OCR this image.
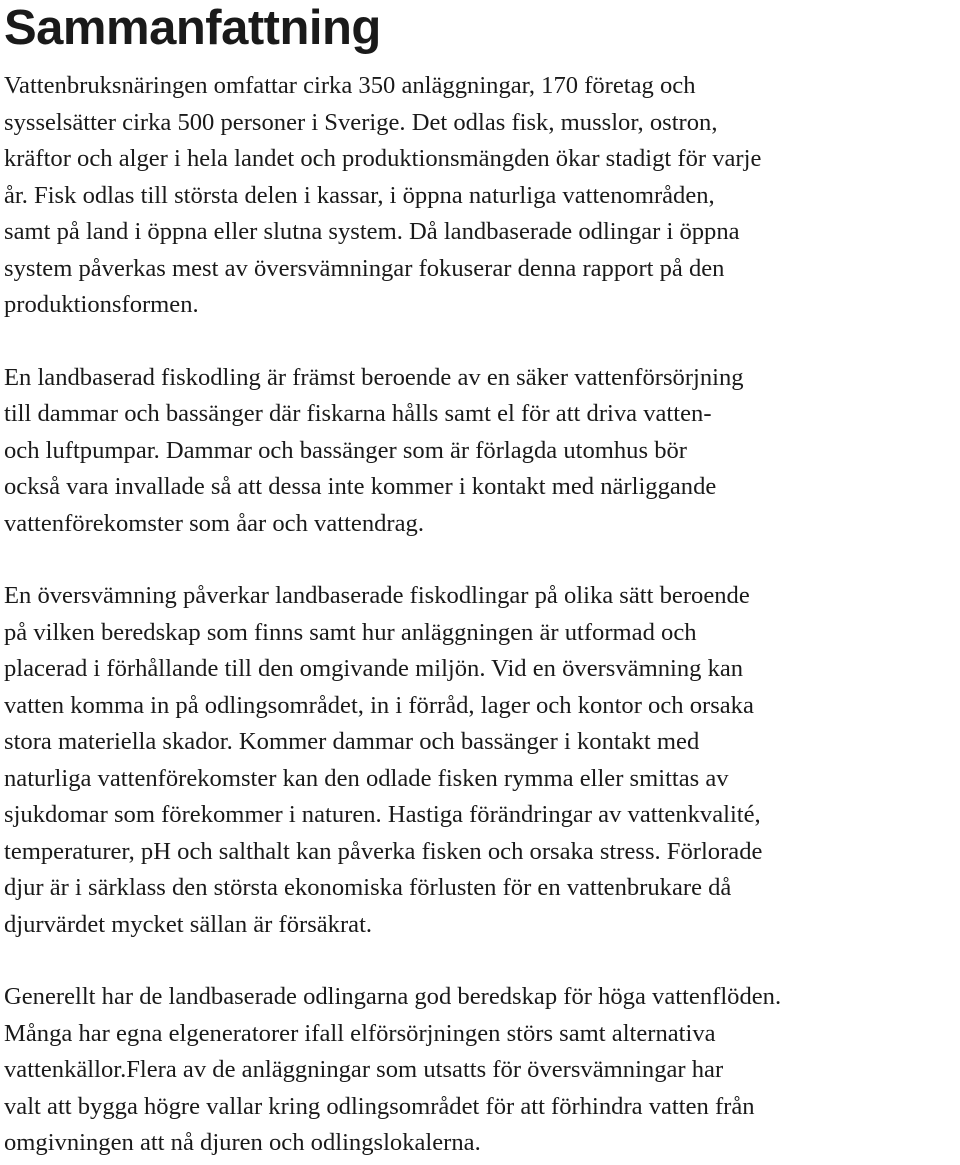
Sammanfattning

Vattenbruksnäringen omfattar cirka 350 anläggningar, 170 företag och
sysselsätter cirka 500 personer i Sverige. Det odlas fisk, musslor, ostron,
kräftor och alger i hela landet och produktionsmängden ökar stadigt för varje
år. Fisk odlas till största delen i kassar, i öppna naturliga vattenområden,
samt på land i öppna eller slutna system. Då landbaserade odlingar i öppna
system påverkas mest av översvämningar fokuserar denna rapport på den
produktionsformen.

En landbaserad fiskodling är främst beroende av en säker vattenförsörjning
till dammar och bassänger där fiskarna hålls samt el för att driva vatten-
och luftpumpar. Dammar och bassänger som är förlagda utomhus bör
också vara invallade så att dessa inte kommer i kontakt med närliggande
vattenförekomster som åar och vattendrag.

En översvämning påverkar landbaserade fiskodlingar på olika sätt beroende
på vilken beredskap som finns samt hur anläggningen är utformad och
placerad i förhållande till den omgivande miljön. Vid en översvämning kan
vatten komma in på odlingsområdet, in i förråd, lager och kontor och orsaka
stora materiella skador. Kommer dammar och bassänger i kontakt med
naturliga vattenförekomster kan den odlade fisken rymma eller smittas av
sjukdomar som förekommer i naturen. Hastiga förändringar av vattenkvalité,
temperaturer, pH och salthalt kan påverka fisken och orsaka stress. Förlorade
djur är i särklass den största ekonomiska förlusten för en vattenbrukare då
djurvärdet mycket sällan är försäkrat.

Generellt har de landbaserade odlingarna god beredskap för höga vattenflöden.
Många har egna elgeneratorer ifall elförsörjningen störs samt alternativa
vattenkällor.Flera av de anläggningar som utsatts för översvämningar har
valt att bygga högre vallar kring odlingsområdet för att förhindra vatten från
omgivningen att nå djuren och odlingslokalerna.
